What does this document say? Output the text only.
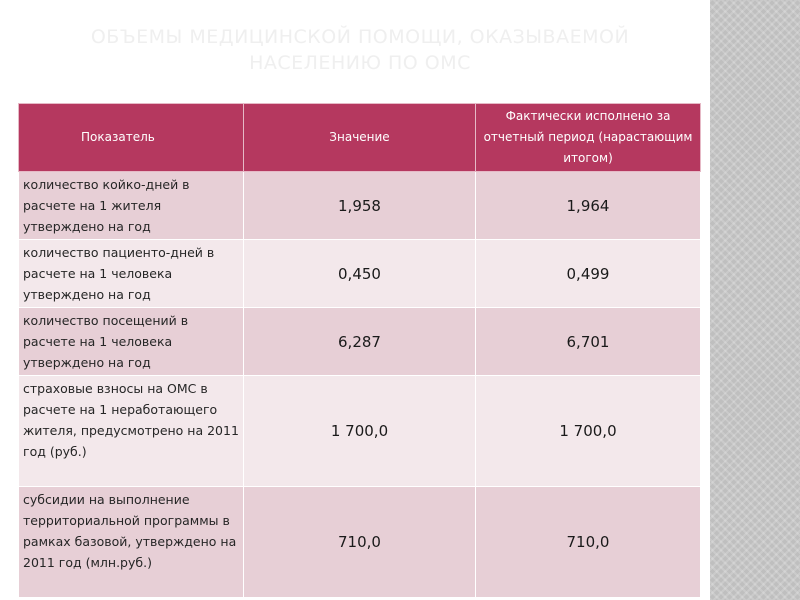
ОБЪЕМЫ МЕДИЦИНСКОЙ ПОМОЩИ, ОКАЗЫВАЕМОЙ
НАСЕЛЕНИЮ ПО ОМС
Показатель	Значение	Фактически исполнено за отчетный период (нарастающим итогом)
количество койко-дней в расчете на 1 жителя утверждено на год	1,958	1,964
количество пациенто-дней в расчете на 1 человека утверждено на год	0,450	0,499
количество посещений в расчете на 1 человека утверждено на год	6,287	6,701
страховые взносы на ОМС в расчете на 1 неработающего жителя, предусмотрено на 2011 год (руб.)	1 700,0	1 700,0
субсидии на выполнение территориальной программы в рамках базовой, утверждено на 2011 год (млн.руб.)	710,0	710,0
